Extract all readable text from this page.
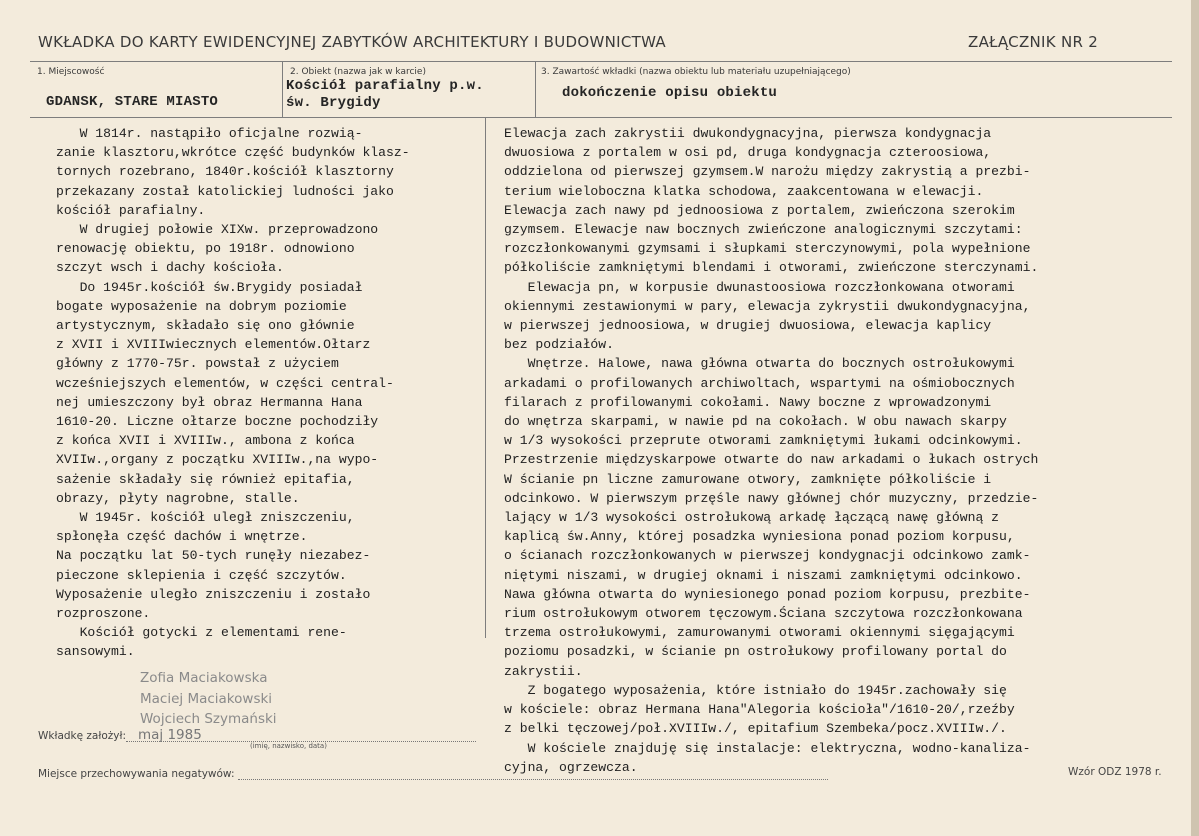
WKŁADKA DO KARTY EWIDENCYJNEJ ZABYTKÓW ARCHITEKTURY I BUDOWNICTWA	ZAŁĄCZNIK NR 2
1. Miejscowość
GDANSK, STARE MIASTO
2. Obiekt (nazwa jak w karcie)
Kościół parafialny p.w.
św. Brygidy
3. Zawartość wkładki (nazwa obiektu lub materiału uzupełniającego)
dokończenie opisu obiektu
W 1814r. nastąpiło oficjalne rozwią-
zanie klasztoru,wkrótce część budynków klasz-
tornych rozebrano, 1840r.kościół klasztorny
przekazany został katolickiej ludności jako
kościół parafialny.
W drugiej połowie XIXw. przeprowadzono
renowację obiektu, po 1918r. odnowiono
szczyt wsch i dachy kościoła.
Do 1945r.kościół św.Brygidy posiadał
bogate wyposażenie na dobrym poziomie
artystycznym, składało się ono głównie
z XVII i XVIIIwiecznych elementów.Ołtarz
główny z 1770-75r. powstał z użyciem
wcześniejszych elementów, w części central-
nej umieszczony był obraz Hermanna Hana
1610-20. Liczne ołtarze boczne pochodziły
z końca XVII i XVIIIw., ambona z końca
XVIIw.,organy z początku XVIIIw.,na wypo-
sażenie składały się również epitafia,
obrazy, płyty nagrobne, stalle.
W 1945r. kościół uległ zniszczeniu,
spłonęła część dachów i wnętrze.
Na początku lat 50-tych runęły niezabez-
pieczone sklepienia i część szczytów.
Wyposażenie uległo zniszczeniu i zostało
rozproszone.
Kościół gotycki z elementami rene-
sansowymi.
Elewacja zach zakrystii dwukondygnacyjna, pierwsza kondygnacja
dwuosiowa z portalem w osi pd, druga kondygnacja czteroosiowa,
oddzielona od pierwszej gzymsem.W narożu między zakrystią a prezbi-
terium wieloboczna klatka schodowa, zaakcentowana w elewacji.
Elewacja zach nawy pd jednoosiowa z portalem, zwieńczona szerokim
gzymsem. Elewacje naw bocznych zwieńczone analogicznymi szczytami:
rozczłonkowanymi gzymsami i słupkami sterczynowymi, pola wypełnione
półkoliście zamkniętymi blendami i otworami, zwieńczone sterczynami.
Elewacja pn, w korpusie dwunastoosiowa rozczłonkowana otworami
okiennymi zestawionymi w pary, elewacja zykrystii dwukondygnacyjna,
w pierwszej jednoosiowa, w drugiej dwuosiowa, elewacja kaplicy
bez podziałów.
Wnętrze. Halowe, nawa główna otwarta do bocznych ostrołukowymi
arkadami o profilowanych archiwoltach, wspartymi na ośmiobocznych
filarach z profilowanymi cokołami. Nawy boczne z wprowadzonymi
do wnętrza skarpami, w nawie pd na cokołach. W obu nawach skarpy
w 1/3 wysokości przeprute otworami zamkniętymi łukami odcinkowymi.
Przestrzenie międzyskarpowe otwarte do naw arkadami o łukach ostrych
W ścianie pn liczne zamurowane otwory, zamknięte półkoliście i
odcinkowo. W pierwszym przęśle nawy głównej chór muzyczny, przedzie-
lający w 1/3 wysokości ostrołukową arkadę łączącą nawę główną z
kaplicą św.Anny, której posadzka wyniesiona ponad poziom korpusu,
o ścianach rozczłonkowanych w pierwszej kondygnacji odcinkowo zamk-
niętymi niszami, w drugiej oknami i niszami zamkniętymi odcinkowo.
Nawa główna otwarta do wyniesionego ponad poziom korpusu, prezbite-
rium ostrołukowym otworem tęczowym.Ściana szczytowa rozczłonkowana
trzema ostrołukowymi, zamurowanymi otworami okiennymi sięgającymi
poziomu posadzki, w ścianie pn ostrołukowy profilowany portal do
zakrystii.
Z bogatego wyposażenia, które istniało do 1945r.zachowały się
w kościele: obraz Hermana Hana"Alegoria kościoła"/1610-20/,rzeźby
z belki tęczowej/poł.XVIIIw./, epitafium Szembeka/pocz.XVIIIw./.
W kościele znajduję się instalacje: elektryczna, wodno-kanaliza-
cyjna, ogrzewcza.
Zofia Maciakowska
Maciej Maciakowski
Wojciech Szymański
Wkładkę założył: maj 1985
(imię, nazwisko, data)
Miejsce przechowywania negatywów:	Wzór ODZ 1978 r.
